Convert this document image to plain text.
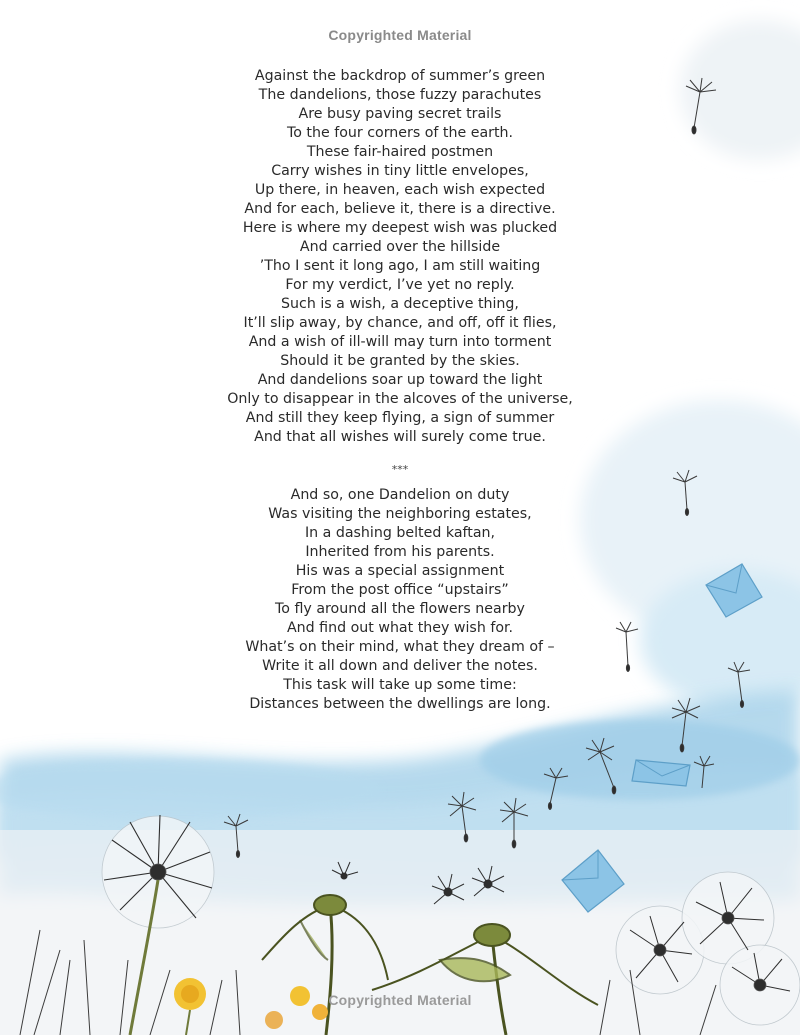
Copyrighted Material
Against the backdrop of summer’s green
The dandelions, those fuzzy parachutes
Are busy paving secret trails
To the four corners of the earth.
These fair-haired postmen
Carry wishes in tiny little envelopes,
Up there, in heaven, each wish expected
And for each, believe it, there is a directive.
Here is where my deepest wish was plucked
And carried over the hillside
’Tho I sent it long ago, I am still waiting
For my verdict, I’ve yet no reply.
Such is a wish, a deceptive thing,
It’ll slip away, by chance, and off, off it flies,
And a wish of ill-will may turn into torment
Should it be granted by the skies.
And dandelions soar up toward the light
Only to disappear in the alcoves of the universe,
And still they keep flying, a sign of summer
And that all wishes will surely come true.
***
And so, one Dandelion on duty
Was visiting the neighboring estates,
In a dashing belted kaftan,
Inherited from his parents.
His was a special assignment
From the post office “upstairs”
To fly around all the flowers nearby
And find out what they wish for.
What’s on their mind, what they dream of –
Write it all down and deliver the notes.
This task will take up some time:
Distances between the dwellings are long.
Copyrighted Material
